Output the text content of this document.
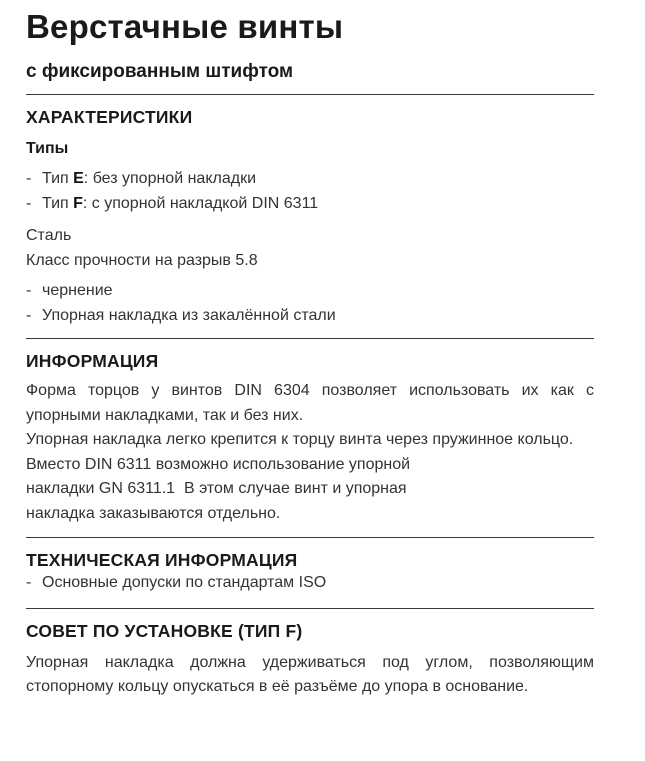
Верстачные винты
с фиксированным штифтом
ХАРАКТЕРИСТИКИ
Типы
- Тип E: без упорной накладки
- Тип F: с упорной накладкой DIN 6311

Сталь

Класс прочности на разрыв 5.8

- чернение
- Упорная накладка из закалённой стали
ИНФОРМАЦИЯ

Форма торцов у винтов DIN 6304 позволяет использовать их как с упорными накладками, так и без них.

Упорная накладка легко крепится к торцу винта через пружинное кольцо.

Вместо DIN 6311 возможно использование упорной

накладки GN 6311.1  В этом случае винт и упорная

накладка заказываются отдельно.

ТЕХНИЧЕСКАЯ ИНФОРМАЦИЯ
- Основные допуски по стандартам ISO
СОВЕТ ПО УСТАНОВКЕ (ТИП F)

Упорная накладка должна удерживаться под углом, позволяющим стопорному кольцу опускаться в её разъёме до упора в основание.
